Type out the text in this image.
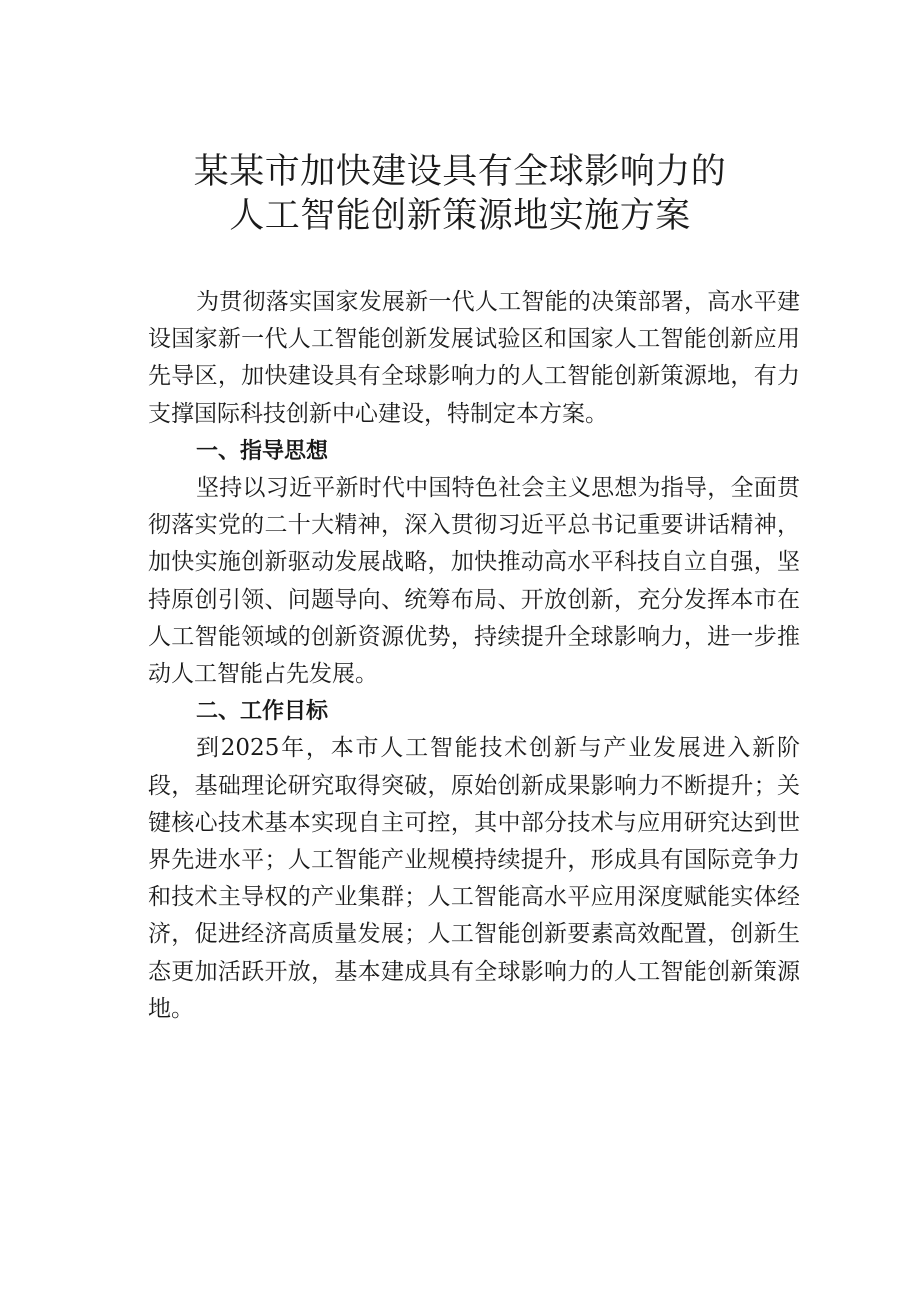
某某市加快建设具有全球影响力的
人工智能创新策源地实施方案

为贯彻落实国家发展新一代人工智能的决策部署，高水平建设国家新一代人工智能创新发展试验区和国家人工智能创新应用先导区，加快建设具有全球影响力的人工智能创新策源地，有力支撑国际科技创新中心建设，特制定本方案。

一、指导思想

坚持以习近平新时代中国特色社会主义思想为指导，全面贯彻落实党的二十大精神，深入贯彻习近平总书记重要讲话精神，加快实施创新驱动发展战略，加快推动高水平科技自立自强，坚持原创引领、问题导向、统筹布局、开放创新，充分发挥本市在人工智能领域的创新资源优势，持续提升全球影响力，进一步推动人工智能占先发展。

二、工作目标

到2025年，本市人工智能技术创新与产业发展进入新阶段，基础理论研究取得突破，原始创新成果影响力不断提升；关键核心技术基本实现自主可控，其中部分技术与应用研究达到世界先进水平；人工智能产业规模持续提升，形成具有国际竞争力和技术主导权的产业集群；人工智能高水平应用深度赋能实体经济，促进经济高质量发展；人工智能创新要素高效配置，创新生态更加活跃开放，基本建成具有全球影响力的人工智能创新策源地。
